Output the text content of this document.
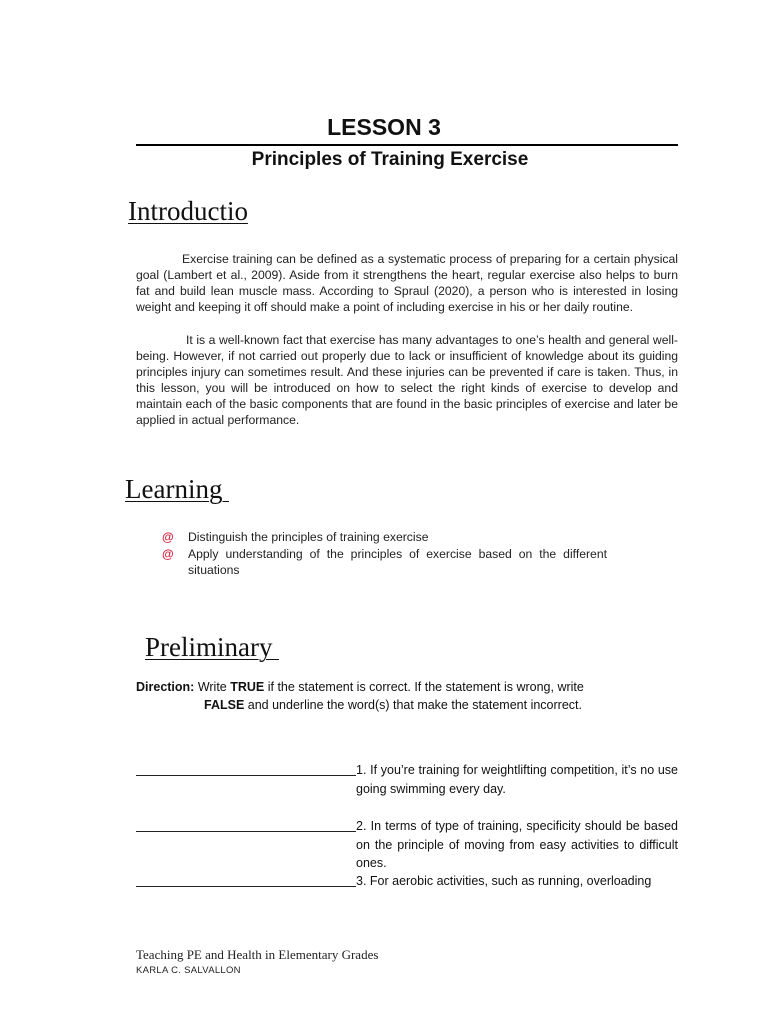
LESSON 3
Principles of Training Exercise
Introductio
Exercise training can be defined as a systematic process of preparing for a certain physical goal (Lambert et al., 2009). Aside from it strengthens the heart, regular exercise also helps to burn fat and build lean muscle mass. According to Spraul (2020), a person who is interested in losing weight and keeping it off should make a point of including exercise in his or her daily routine.
It is a well-known fact that exercise has many advantages to one’s health and general well-being. However, if not carried out properly due to lack or insufficient of knowledge about its guiding principles injury can sometimes result. And these injuries can be prevented if care is taken. Thus, in this lesson, you will be introduced on how to select the right kinds of exercise to develop and maintain each of the basic components that are found in the basic principles of exercise and later be applied in actual performance.
Learning
@ Distinguish the principles of training exercise
@ Apply understanding of the principles of exercise based on the different situations
Preliminary
Direction: Write TRUE if the statement is correct. If the statement is wrong, write
FALSE and underline the word(s) that make the statement incorrect.
1. If you’re training for weightlifting competition, it’s no use going swimming every day.
2. In terms of type of training, specificity should be based on the principle of moving from easy activities to difficult ones.
3. For aerobic activities, such as running, overloading
Teaching PE and Health in Elementary Grades
KARLA C. SALVALLON
